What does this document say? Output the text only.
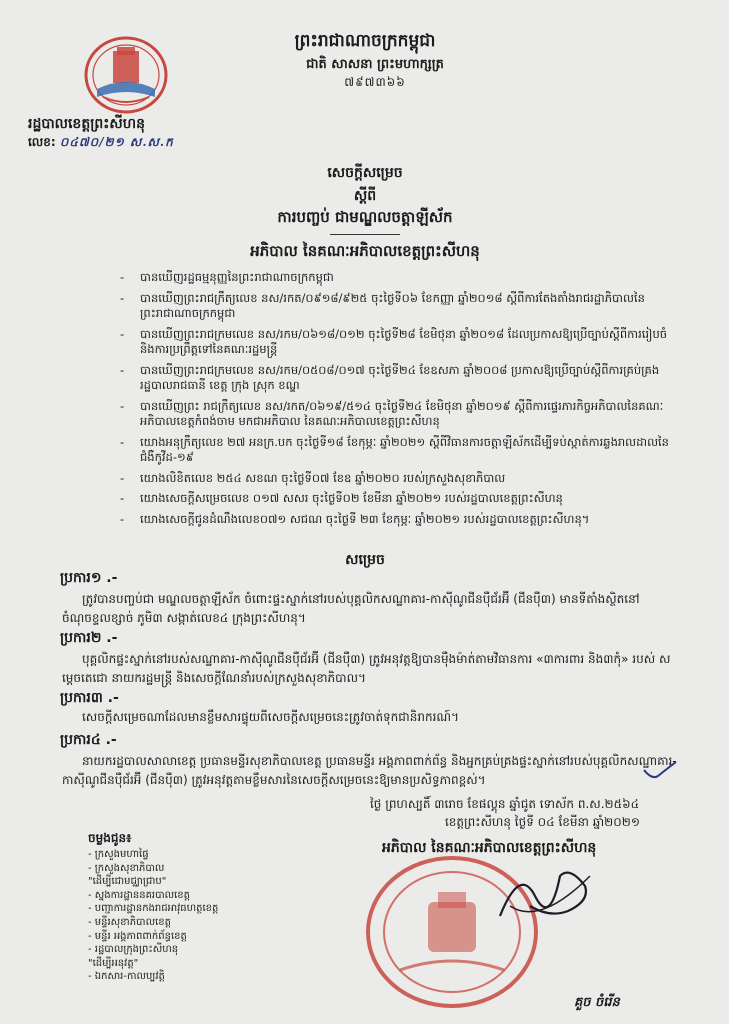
ព្រះរាជាណាចក្រកម្ពុជា
ជាតិ សាសនា ព្រះមហាក្សត្រ
៧៩៧៣៦៦
រដ្ឋបាលខេត្តព្រះសីហនុ
លេខ: ០៤៧០/២១ ស.ស.ក
សេចក្តីសម្រេច
ស្តីពី
ការបញ្ចប់ ជាមណ្ឌលចត្តាឡីស័ក
អភិបាល នៃគណៈអភិបាលខេត្តព្រះសីហនុ
- បានឃើញរដ្ឋធម្មនុញ្ញនៃព្រះរាជាណាចក្រកម្ពុជា
- បានឃើញព្រះរាជក្រឹត្យលេខ នស/រកត/០៩១៨/៩២៥ ចុះថ្ងៃទី០៦ ខែកញ្ញា ឆ្នាំ២០១៨ ស្តីពីការតែងតាំងរាជរដ្ឋាភិបាលនៃព្រះរាជាណាចក្រកម្ពុជា
- បានឃើញព្រះរាជក្រមលេខ នស/រកម/០៦១៨/០១២ ចុះថ្ងៃទី២៨ ខែមិថុនា ឆ្នាំ២០១៨ ដែលប្រកាសឱ្យប្រើច្បាប់ស្តីពីការរៀបចំ និងការប្រព្រឹត្តទៅនៃគណៈរដ្ឋមន្ត្រី
- បានឃើញព្រះរាជក្រមលេខ នស/រកម/០៥០៨/០១៧ ចុះថ្ងៃទី២៤ ខែឧសភា ឆ្នាំ២០០៨ ប្រកាសឱ្យប្រើច្បាប់ស្តីពីការគ្រប់គ្រងរដ្ឋបាលរាជធានី ខេត្ត ក្រុង ស្រុក ខណ្ឌ
- បានឃើញព្រះ រាជក្រឹត្យលេខ នស/រកត/០៦១៩/៥១៤ ចុះថ្ងៃទី២៤ ខែមិថុនា ឆ្នាំ២០១៩ ស្តីពីការផ្ទេរភារកិច្ចអភិបាលនៃគណៈអភិបាលខេត្តកំពង់ចាម មកជាអភិបាល នៃគណៈអភិបាលខេត្តព្រះសីហនុ
- យោងអនុក្រឹត្យលេខ ២៧ អនក្រ.បក ចុះថ្ងៃទី១៨ ខែកុម្ភៈ ឆ្នាំ២០២១ ស្តីពីវិធានការចត្តាឡីស័កដើម្បីទប់ស្កាត់ការឆ្លងរាលដាលនៃជំងឺកូវីដ-១៩
- យោងលិខិតលេខ ២៥៤ សខណ ចុះថ្ងៃទី០៧ ខែឧ ឆ្នាំ២០២០ របស់ក្រសួងសុខាភិបាល
- យោងសេចក្តីសម្រេចលេខ ០១៧ សសរ ចុះថ្ងៃទី០២ ខែមីនា ឆ្នាំ២០២១ របស់រដ្ឋបាលខេត្តព្រះសីហនុ
- យោងសេចក្តីជូនដំណឹងលេខ០៧១ សជណ ចុះថ្ងៃទី ២៣ ខែកុម្ភៈ ឆ្នាំ២០២១ របស់រដ្ឋបាលខេត្តព្រះសីហនុ។
សម្រេច
ប្រការ១ .-

ត្រូវបានបញ្ចប់ជា មណ្ឌលចត្តាឡីស័ក ចំពោះផ្ទះស្នាក់នៅរបស់បុគ្គលិកសណ្ឋាគារ-កាស៊ីណូជីនប៉ឺជ័រអ៊ី (ជីនប៉ឺ៣) មានទីតាំងស្ថិតនៅចំណុចខ្ទលខ្សាច់ ភូមិ៣ សង្កាត់លេខ៤ ក្រុងព្រះសីហនុ។

ប្រការ២ .-

បុគ្គលិកផ្ទះស្នាក់នៅរបស់សណ្ឋាគារ-កាស៊ីណូជីនប៉ឺជ័រអ៊ី (ជីនប៉ឺ៣) ត្រូវអនុវត្តឱ្យបានម៉ឺងម៉ាត់តាមវិធានការ «៣ការពារ និង៣កុំ» របស់ សម្តេចតេជោ នាយករដ្ឋមន្ត្រី និងសេចក្តីណែនាំរបស់ក្រសួងសុខាភិបាល។

ប្រការ៣ .-

សេចក្តីសម្រេចណាដែលមានខ្លឹមសារផ្ទុយពីសេចក្តីសម្រេចនេះត្រូវចាត់ទុកជានិរាករណ៍។

ប្រការ៤ .-

នាយករដ្ឋបាលសាលាខេត្ត ប្រធានមន្ទីរសុខាភិបាលខេត្ត ប្រធានមន្ទីរ អង្គភាពពាក់ព័ន្ធ និងអ្នកគ្រប់គ្រងផ្ទះស្នាក់នៅរបស់បុគ្គលិកសណ្ឋាគារ-កាស៊ីណូជីនប៉ឺជ័រអ៊ី (ជីនប៉ឺ៣) ត្រូវអនុវត្តតាមខ្លឹមសារនៃសេចក្តីសម្រេចនេះឱ្យមានប្រសិទ្ធភាពខ្ពស់។

ថ្ងៃ ព្រហស្បតិ៍ ៣រោច ខែផល្គុន ឆ្នាំជូត ទោស័ក ព.ស.២៥៦៤
ខេត្តព្រះសីហនុ ថ្ងៃទី ០៤ ខែមីនា ឆ្នាំ២០២១
អភិបាល នៃគណៈអភិបាលខេត្តព្រះសីហនុ
ចម្លងជូន៖
- ក្រសួងមហាផ្ទៃ
- ក្រសួងសុខាភិបាល
"ដើម្បីជោមជ្ឈាជ្រាប"
- ស្នងការដ្ឋាននគរបាលខេត្ត
- បញ្ជាការដ្ឋានកងរាជអាវុធហត្ថខេត្ត
- មន្ទីរសុខាភិបាលខេត្ត
- មន្ទីរ អង្គភាពពាក់ព័ន្ធខេត្ត
- រដ្ឋបាលក្រុងព្រះសីហនុ
"ដើម្បីអនុវត្ត"
- ឯកសារ-កាលប្បវត្តិ
គួច ចំរើន
